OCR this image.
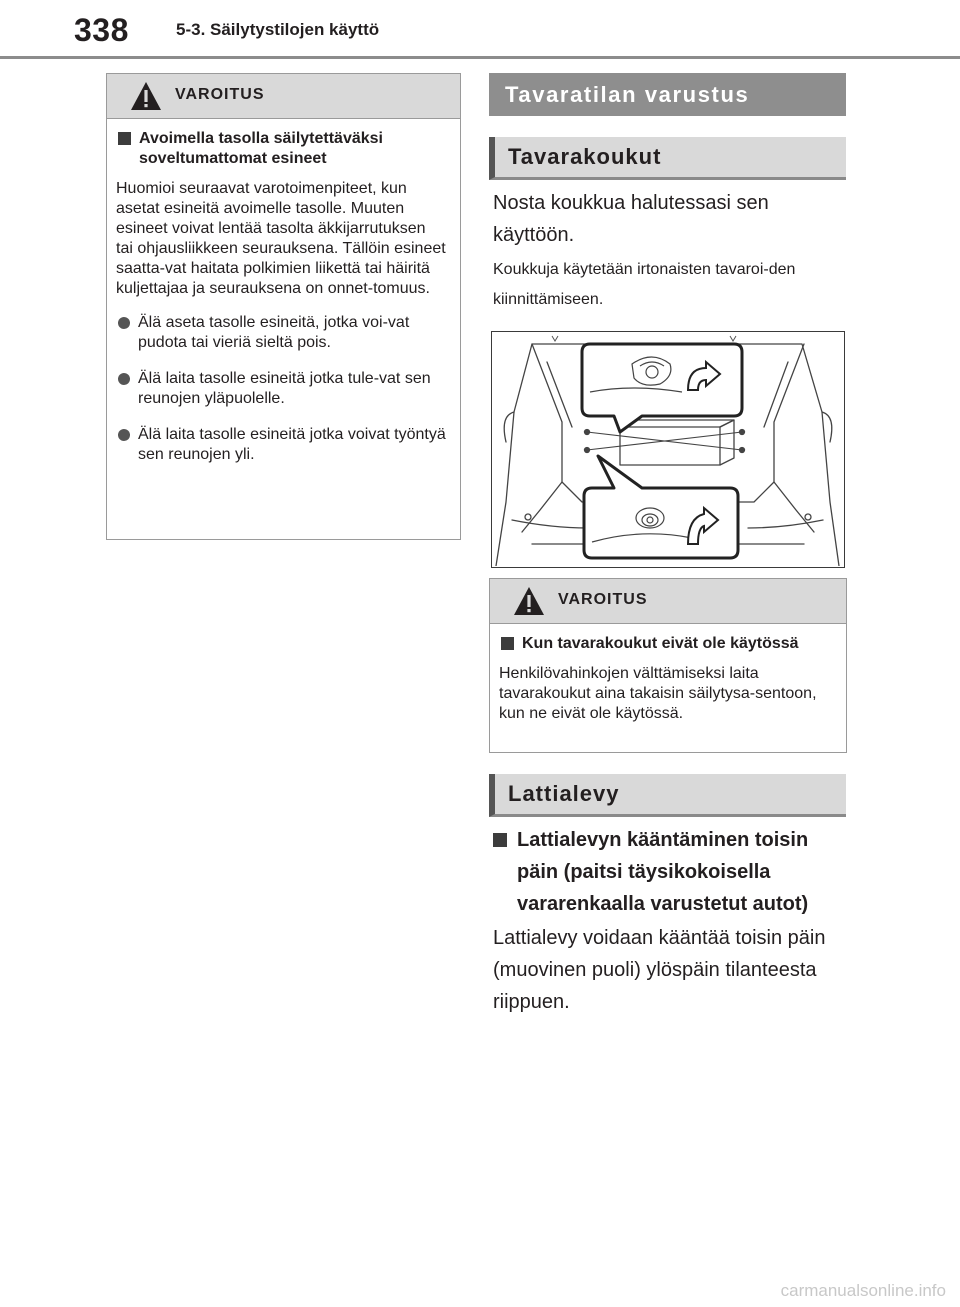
338	5-3. Säilytystilojen käyttö
VAROITUS
Avoimella tasolla säilytettäväksi soveltumattomat esineet
Huomioi seuraavat varotoimenpiteet, kun asetat esineitä avoimelle tasolle. Muuten esineet voivat lentää tasolta äkkijarrutuksen tai ohjausliikkeen seurauksena. Tällöin esineet saatta-vat haitata polkimien liikettä tai häiritä kuljettajaa ja seurauksena on onnet-tomuus.
Älä aseta tasolle esineitä, jotka voi-vat pudota tai vieriä sieltä pois.
Älä laita tasolle esineitä jotka tule-vat sen reunojen yläpuolelle.
Älä laita tasolle esineitä jotka voivat työntyä sen reunojen yli.
Tavaratilan varustus
Tavarakoukut
Nosta koukkua halutessasi sen käyttöön.
Koukkuja käytetään irtonaisten tavaroi-den kiinnittämiseen.
VAROITUS
Kun tavarakoukut eivät ole käytössä
Henkilövahinkojen välttämiseksi laita tavarakoukut aina takaisin säilytysa-sentoon, kun ne eivät ole käytössä.
Lattialevy
Lattialevyn kääntäminen toisin päin (paitsi täysikokoisella vararenkaalla varustetut autot)
Lattialevy voidaan kääntää toisin päin (muovinen puoli) ylöspäin tilanteesta riippuen.
carmanualsonline.info
